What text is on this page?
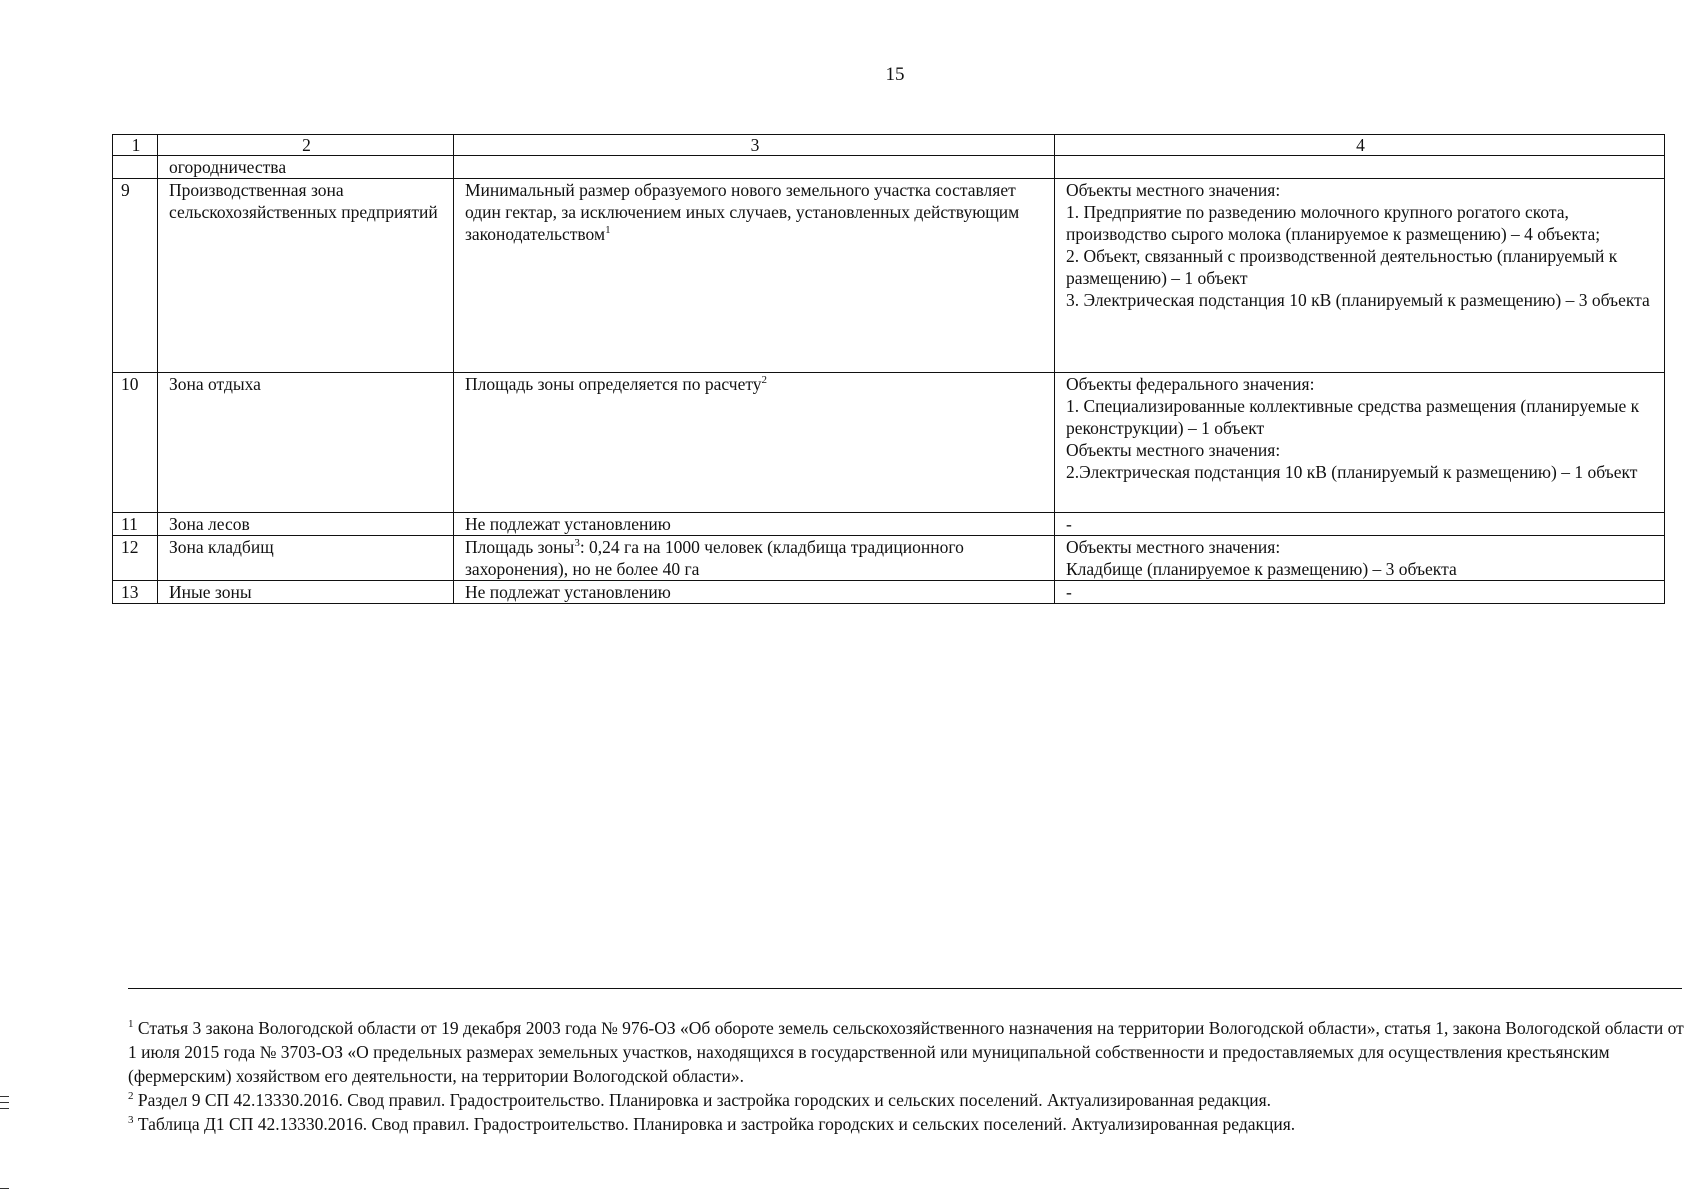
15
1	2	3	4
	огородничества		
9	Производственная зона сельскохозяйственных предприятий	Минимальный размер образуемого нового земельного участка составляет один гектар, за исключением иных случаев, установленных действующим законодательством$^1$	Объекты местного значения:
1. Предприятие по разведению молочного крупного рогатого скота, производство сырого молока (планируемое к размещению) – 4 объекта;
2. Объект, связанный с производственной деятельностью (планируемый к размещению) – 1 объект
3. Электрическая подстанция 10 кВ (планируемый к размещению) – 3 объекта

10	Зона отдыха	Площадь зоны определяется по расчету$^2$	Объекты федерального значения:
1. Специализированные коллективные средства размещения (планируемые к реконструкции) – 1 объект
Объекты местного значения:
2.Электрическая подстанция 10 кВ (планируемый к размещению) – 1 объект

11	Зона лесов	Не подлежат установлению	-

12	Зона кладбищ	Площадь зоны$^3$: 0,24 га на 1000 человек (кладбища традиционного захоронения), но не более 40 га	Объекты местного значения:
Кладбище (планируемое к размещению) – 3 объекта

13	Иные зоны	Не подлежат установлению	-

$^1$ Статья 3 закона Вологодской области от 19 декабря 2003 года № 976-ОЗ «Об обороте земель сельскохозяйственного назначения на территории Вологодской области», статья 1, закона Вологодской области от 1 июля 2015 года № 3703-ОЗ «О предельных размерах земельных участков, находящихся в государственной или муниципальной собственности и предоставляемых для осуществления крестьянским (фермерским) хозяйством его деятельности, на территории Вологодской области».

$^2$ Раздел 9 СП 42.13330.2016. Свод правил. Градостроительство. Планировка и застройка городских и сельских поселений. Актуализированная редакция.

$^3$ Таблица Д1 СП 42.13330.2016. Свод правил. Градостроительство. Планировка и застройка городских и сельских поселений. Актуализированная редакция.
